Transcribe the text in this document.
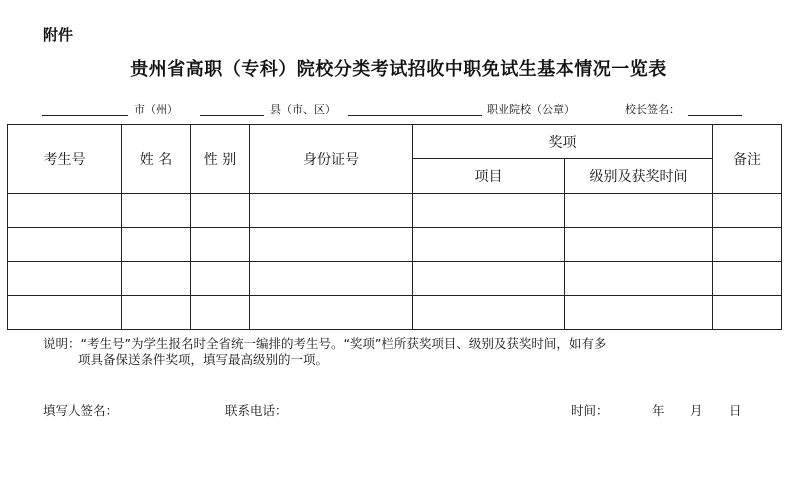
附件
贵州省高职（专科）院校分类考试招收中职免试生基本情况一览表
市（州）	县（市、区）	职业院校（公章）	校长签名：
考生号	姓 名	性 别	身份证号	奖项		备注
				项目	级别及获奖时间	

说明：“考生号”为学生报名时全省统一编排的考生号。“奖项”栏所获奖项目、级别及获奖时间，如有多
项具备保送条件奖项，填写最高级别的一项。
填写人签名：	联系电话：	时间：	年 月 日
